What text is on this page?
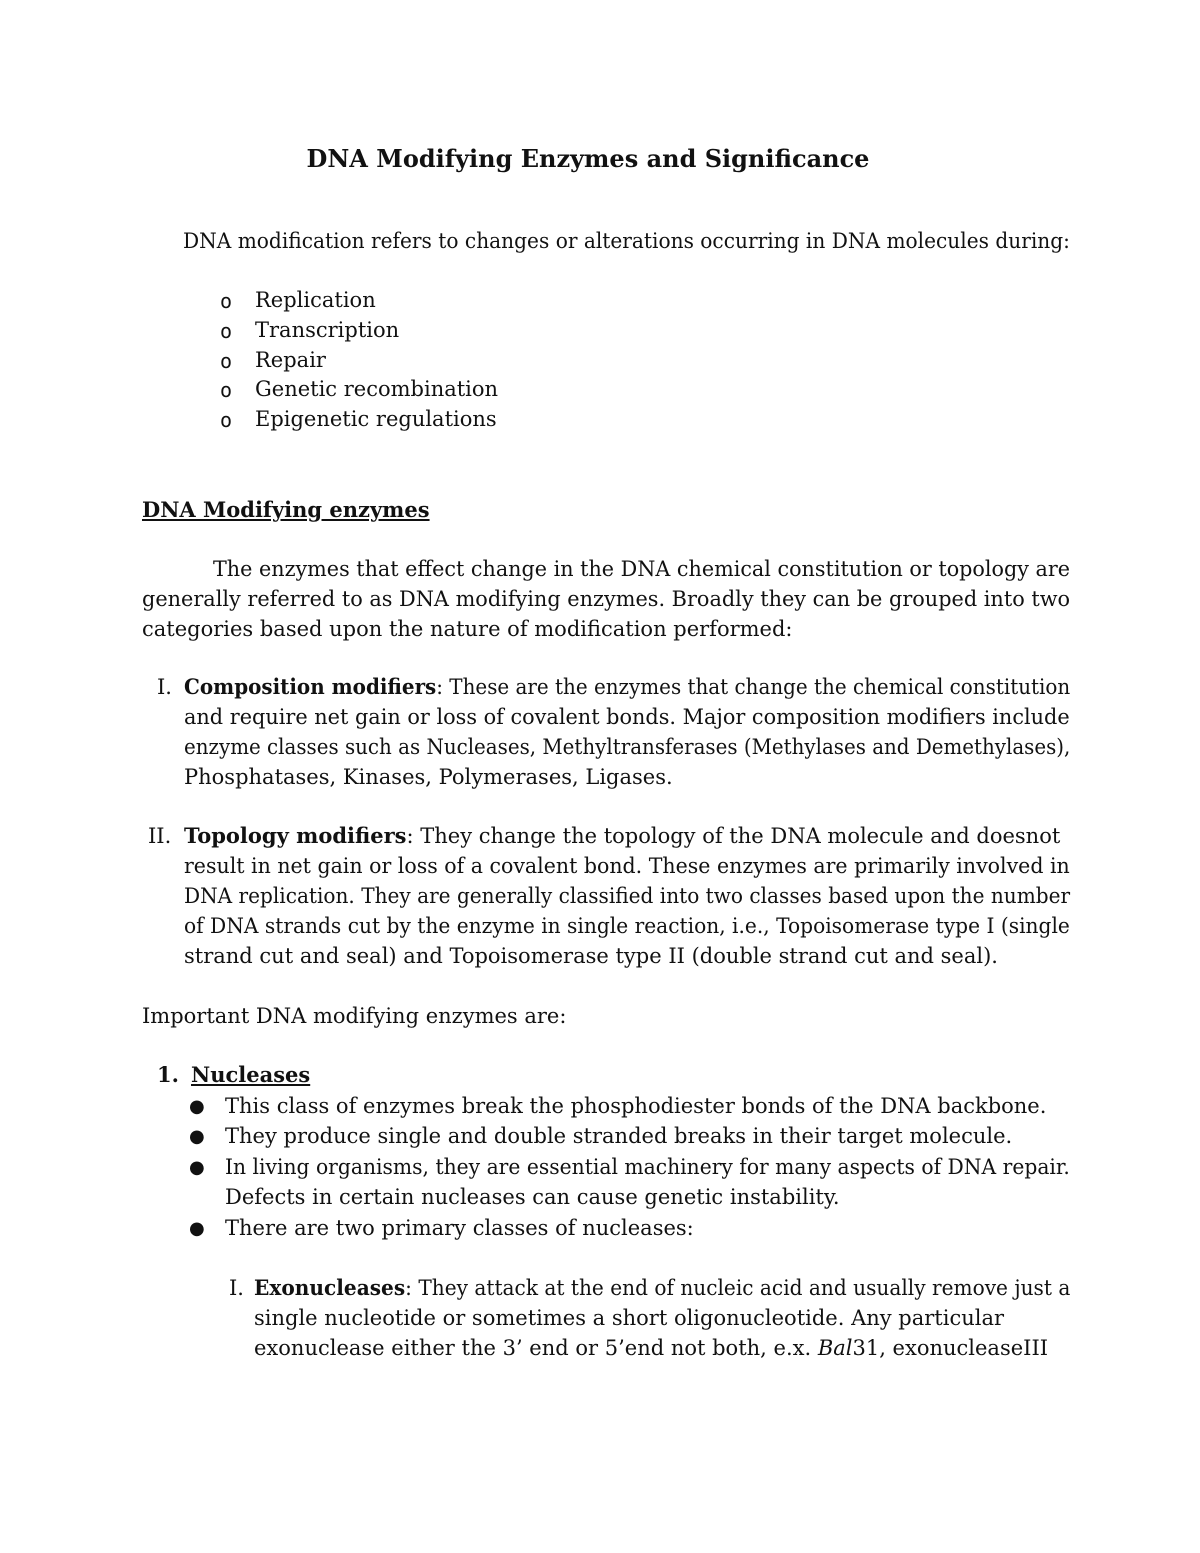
DNA Modifying Enzymes and Significance
DNA modification refers to changes or alterations occurring in DNA molecules during:
o Replication
o Transcription
o Repair
o Genetic recombination
o Epigenetic regulations
DNA Modifying enzymes
The enzymes that effect change in the DNA chemical constitution or topology are
generally referred to as DNA modifying enzymes. Broadly they can be grouped into two
categories based upon the nature of modification performed:
I. Composition modifiers: These are the enzymes that change the chemical constitution
and require net gain or loss of covalent bonds. Major composition modifiers include
enzyme classes such as Nucleases, Methyltransferases (Methylases and Demethylases),
Phosphatases, Kinases, Polymerases, Ligases.
II. Topology modifiers: They change the topology of the DNA molecule and doesnot
result in net gain or loss of a covalent bond. These enzymes are primarily involved in
DNA replication. They are generally classified into two classes based upon the number
of DNA strands cut by the enzyme in single reaction, i.e., Topoisomerase type I (single
strand cut and seal) and Topoisomerase type II (double strand cut and seal).
Important DNA modifying enzymes are:
1. Nucleases
● This class of enzymes break the phosphodiester bonds of the DNA backbone.
● They produce single and double stranded breaks in their target molecule.
● In living organisms, they are essential machinery for many aspects of DNA repair.
Defects in certain nucleases can cause genetic instability.
● There are two primary classes of nucleases:
I. Exonucleases: They attack at the end of nucleic acid and usually remove just a
single nucleotide or sometimes a short oligonucleotide. Any particular
exonuclease either the 3’ end or 5’end not both, e.x. Bal31, exonucleaseIII
